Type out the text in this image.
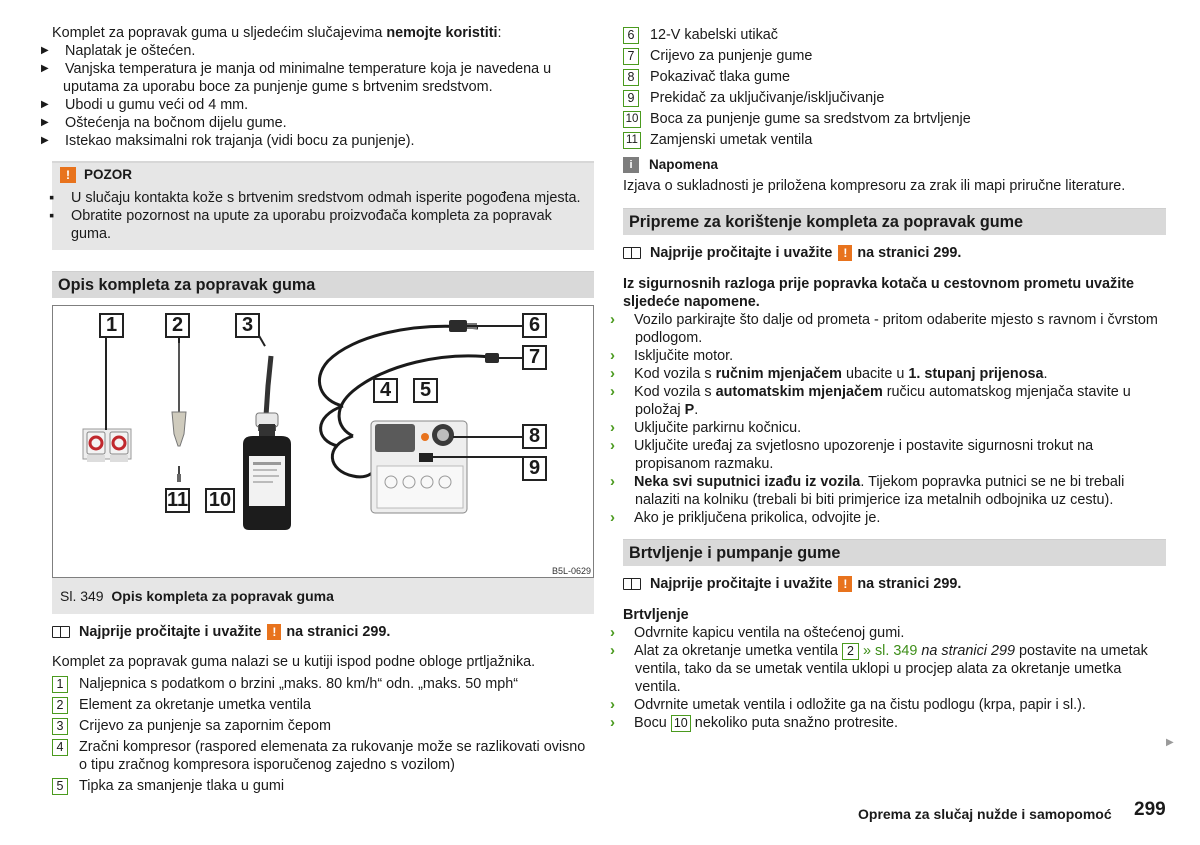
Komplet za popravak guma u sljedećim slučajevima nemojte koristiti:

▶ Naplatak je oštećen.

▶ Vanjska temperatura je manja od minimalne temperature koja je navedena u uputama za uporabu boce za punjenje gume s brtvenim sredstvom.

▶ Ubodi u gumu veći od 4 mm.

▶ Oštećenja na bočnom dijelu gume.

▶ Istekao maksimalni rok trajanja (vidi bocu za punjenje).

!	POZOR

▪ U slučaju kontakta kože s brtvenim sredstvom odmah isperite pogođena mjesta.

▪ Obratite pozornost na upute za uporabu proizvođača kompleta za popravak guma.

Opis kompleta za popravak guma
1	2	3
4	5
6
7
8
9
10
11
B5L-0629
Sl. 349 Opis kompleta za popravak guma
Najprije pročitajte i uvažite ! na stranici 299.

Komplet za popravak guma nalazi se u kutiji ispod podne obloge prtljažnika.

1	Naljepnica s podatkom o brzini „maks. 80 km/h“ odn. „maks. 50 mph“
2	Element za okretanje umetka ventila
3	Crijevo za punjenje sa zapornim čepom
4	Zračni kompresor (raspored elemenata za rukovanje može se razlikovati ovisno o tipu zračnog kompresora isporučenog zajedno s vozilom)
5	Tipka za smanjenje tlaka u gumi
6	12-V kabelski utikač
7	Crijevo za punjenje gume
8	Pokazivač tlaka gume
9	Prekidač za uključivanje/isključivanje
10 Boca za punjenje gume sa sredstvom za brtvljenje
11 Zamjenski umetak ventila
i	Napomena

Izjava o sukladnosti je priložena kompresoru za zrak ili mapi priručne literature.

Pripreme za korištenje kompleta za popravak gume
Najprije pročitajte i uvažite ! na stranici 299.

Iz sigurnosnih razloga prije popravka kotača u cestovnom prometu uvažite sljedeće napomene.

› Vozilo parkirajte što dalje od prometa - pritom odaberite mjesto s ravnom i čvrstom podlogom.

› Isključite motor.

› Kod vozila s ručnim mjenjačem ubacite u 1. stupanj prijenosa.

› Kod vozila s automatskim mjenjačem ručicu automatskog mjenjača stavite u položaj P.

› Uključite parkirnu kočnicu.

› Uključite uređaj za svjetlosno upozorenje i postavite sigurnosni trokut na propisanom razmaku.

› Neka svi suputnici izađu iz vozila. Tijekom popravka putnici se ne bi trebali nalaziti na kolniku (trebali bi biti primjerice iza metalnih odbojnika uz cestu).

› Ako je priključena prikolica, odvojite je.

Brtvljenje i pumpanje gume
Najprije pročitajte i uvažite ! na stranici 299.

Brtvljenje

› Odvrnite kapicu ventila na oštećenoj gumi.

› Alat za okretanje umetka ventila 2 » sl. 349 na stranici 299 postavite na umetak ventila, tako da se umetak ventila uklopi u procjep alata za okretanje umetka ventila.

› Odvrnite umetak ventila i odložite ga na čistu podlogu (krpa, papir i sl.).

› Bocu 10 nekoliko puta snažno protresite.

▶
Oprema za slučaj nužde i samopomoć 299
